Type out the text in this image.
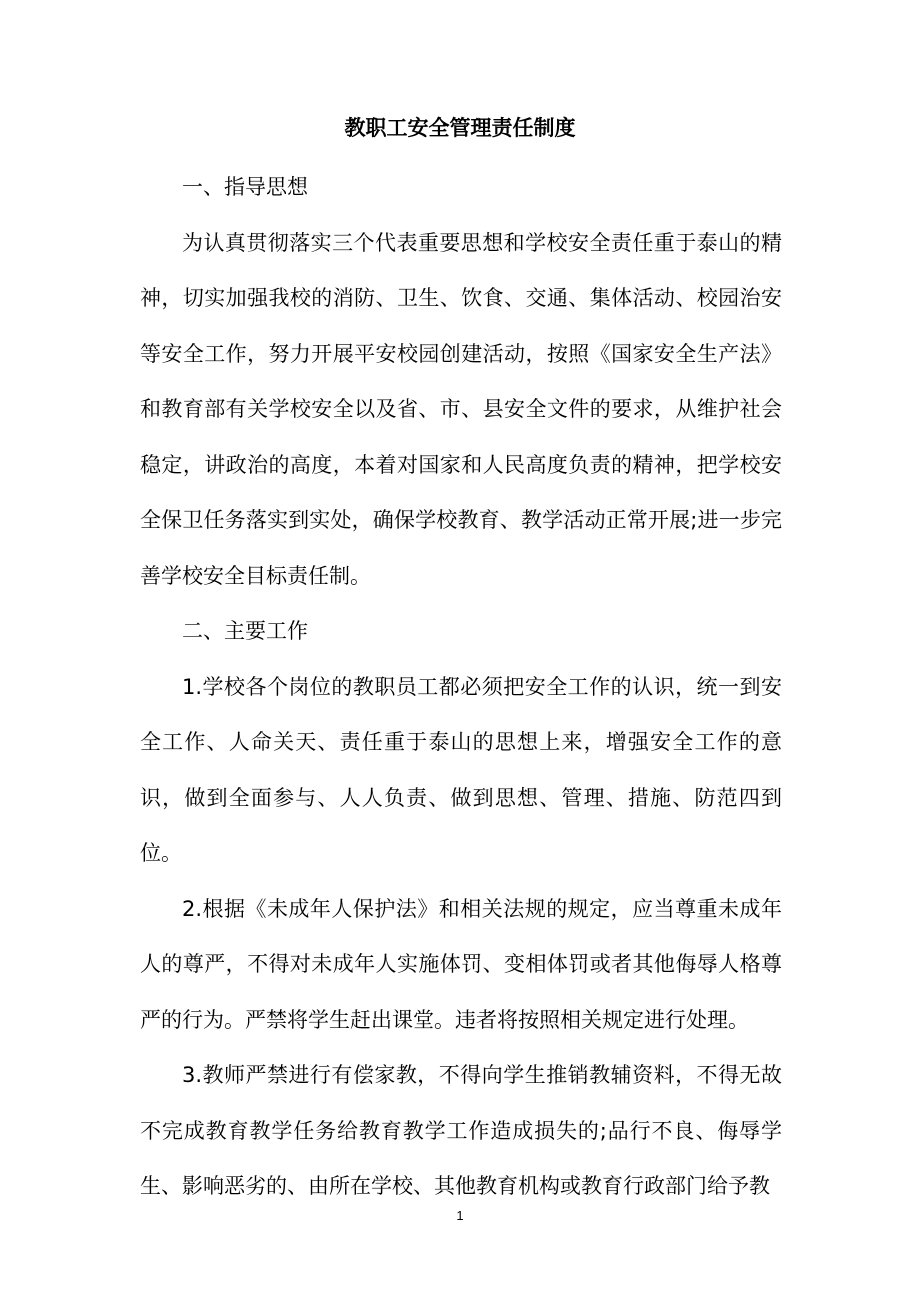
教职工安全管理责任制度

一、指导思想

为认真贯彻落实三个代表重要思想和学校安全责任重于泰山的精神，切实加强我校的消防、卫生、饮食、交通、集体活动、校园治安等安全工作，努力开展平安校园创建活动，按照《国家安全生产法》和教育部有关学校安全以及省、市、县安全文件的要求，从维护社会稳定，讲政治的高度，本着对国家和人民高度负责的精神，把学校安全保卫任务落实到实处，确保学校教育、教学活动正常开展;进一步完善学校安全目标责任制。

二、主要工作

1.学校各个岗位的教职员工都必须把安全工作的认识，统一到安全工作、人命关天、责任重于泰山的思想上来，增强安全工作的意识，做到全面参与、人人负责、做到思想、管理、措施、防范四到位。

2.根据《未成年人保护法》和相关法规的规定，应当尊重未成年人的尊严，不得对未成年人实施体罚、变相体罚或者其他侮辱人格尊严的行为。严禁将学生赶出课堂。违者将按照相关规定进行处理。

3.教师严禁进行有偿家教，不得向学生推销教辅资料，不得无故不完成教育教学任务给教育教学工作造成损失的;品行不良、侮辱学生、影响恶劣的、由所在学校、其他教育机构或教育行政部门给予教

1
